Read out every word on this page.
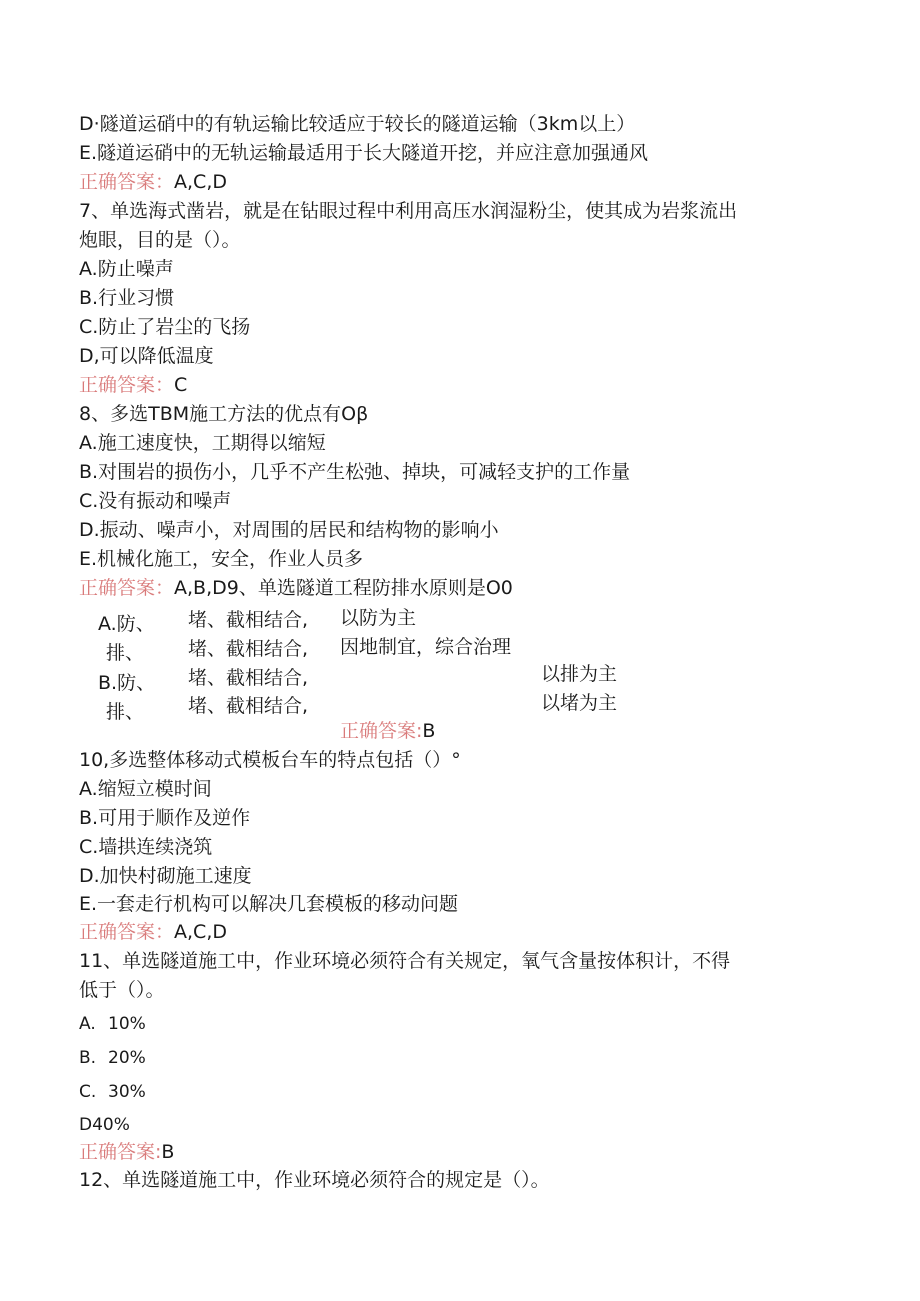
D·隧道运硝中的有轨运输比较适应于较长的隧道运输（3km以上）
E.隧道运硝中的无轨运输最适用于长大隧道开挖，并应注意加强通风
正确答案：A,C,D
7、单选海式凿岩，就是在钻眼过程中利用高压水润湿粉尘，使其成为岩浆流出
炮眼，目的是（）。
A.防止噪声
B.行业习惯
C.防止了岩尘的飞扬
D,可以降低温度
正确答案：C
8、多选TBM施工方法的优点有Oβ
A.施工速度快，工期得以缩短
B.对围岩的损伤小，几乎不产生松弛、掉块，可减轻支护的工作量
C.没有振动和噪声
D.振动、噪声小，对周围的居民和结构物的影响小
E.机械化施工，安全，作业人员多
正确答案：A,B,D9、单选隧道工程防排水原则是O0
A.防、
排、
B.防、
排、
堵、截相结合,
堵、截相结合,
堵、截相结合,
堵、截相结合,
以防为主
因地制宜，综合治理
以排为主
以堵为主
正确答案:B
10,多选整体移动式模板台车的特点包括（）°
A.缩短立模时间
B.可用于顺作及逆作
C.墙拱连续浇筑
D.加快村砌施工速度
E.一套走行机构可以解决几套模板的移动问题
正确答案：A,C,D
11、单选隧道施工中，作业环境必须符合有关规定，氧气含量按体积计，不得
低于（）。
A. 10%
B. 20%
C. 30%
D40%
正确答案:B
12、单选隧道施工中，作业环境必须符合的规定是（）。
